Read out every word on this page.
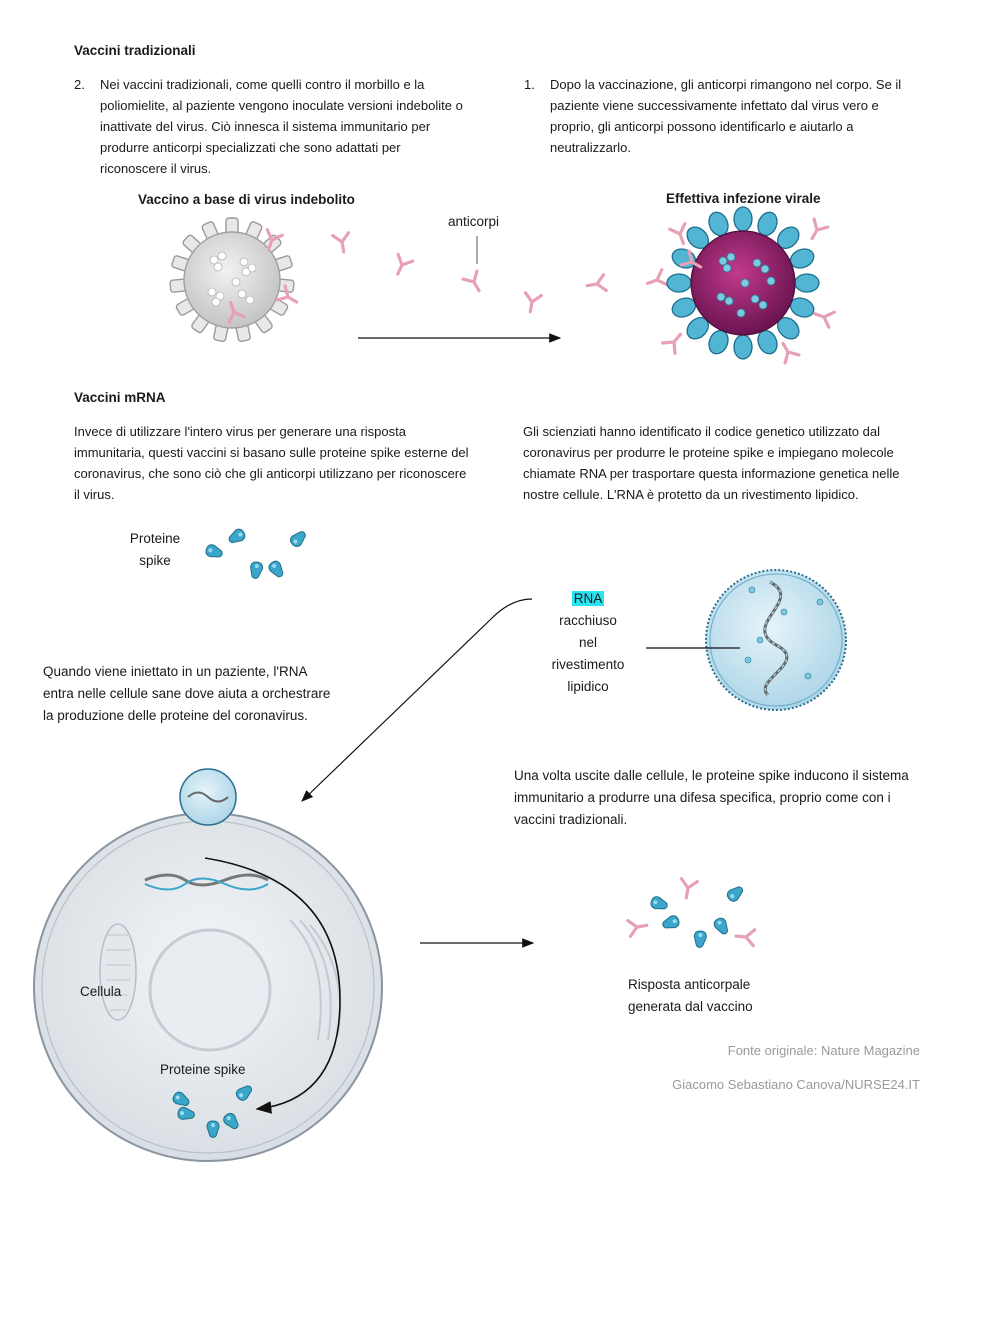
Vaccini tradizionali
2. Nei vaccini tradizionali, come quelli contro il morbillo e la poliomielite, al paziente vengono inoculate versioni indebolite o inattivate del virus. Ciò innesca il sistema immunitario per produrre anticorpi specializzati che sono adattati per riconoscere il virus.
1. Dopo la vaccinazione, gli anticorpi rimangono nel corpo. Se il paziente viene successivamente infettato dal virus vero e proprio, gli anticorpi possono identificarlo e aiutarlo a neutralizzarlo.
Vaccino a base di virus indebolito
anticorpi
Effettiva infezione virale
Vaccini mRNA
Invece di utilizzare l'intero virus per generare una risposta immunitaria, questi vaccini si basano sulle proteine spike esterne del coronavirus, che sono ciò che gli anticorpi utilizzano per riconoscere il virus.
Gli scienziati hanno identificato il codice genetico utilizzato dal coronavirus per produrre le proteine spike e impiegano molecole chiamate RNA per trasportare questa informazione genetica nelle nostre cellule. L'RNA è protetto da un rivestimento lipidico.
Proteine
spike
RNA
racchiuso
nel
rivestimento
lipidico
Quando viene iniettato in un paziente, l'RNA entra nelle cellule sane dove aiuta a orchestrare la produzione delle proteine del coronavirus.
Una volta uscite dalle cellule, le proteine spike inducono il sistema immunitario a produrre una difesa specifica, proprio come con i vaccini tradizionali.
Risposta anticorpale
generata dal vaccino
Fonte originale: Nature Magazine
Giacomo Sebastiano Canova/NURSE24.IT
Cellula
Proteine spike
